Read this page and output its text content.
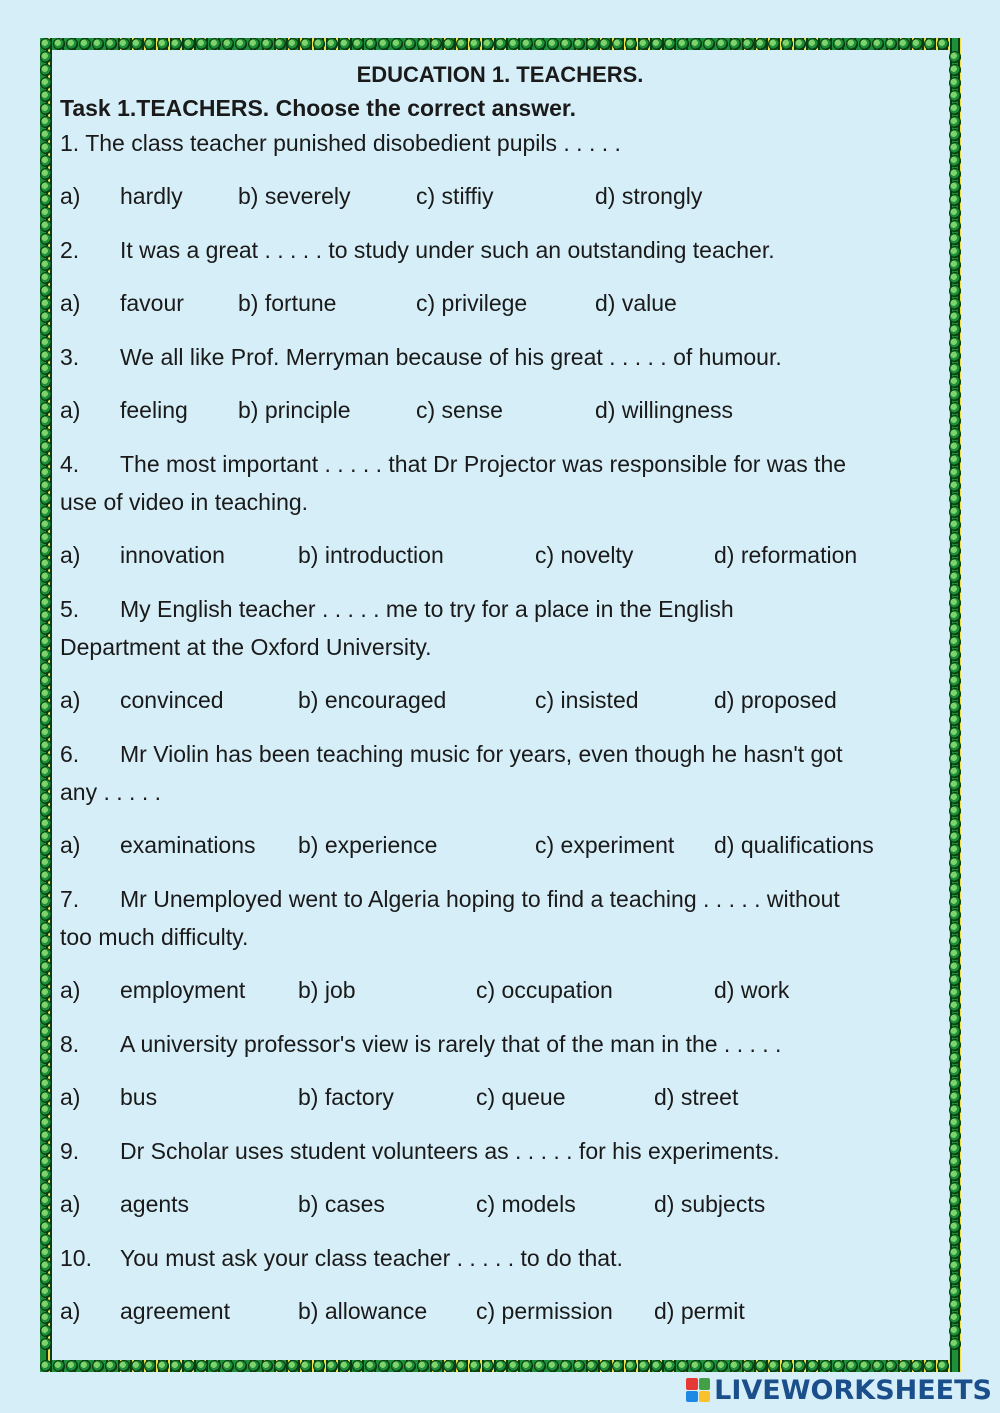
EDUCATION 1. TEACHERS.

Task 1.TEACHERS. Choose the correct answer.

1. The class teacher punished disobedient pupils . . . . .

a) hardly b) severely	c) stiffiy	d) strongly

2. It was a great . . . . . to study under such an outstanding teacher.

a) favour b) fortune	c) privilege	d) value

3. We all like Prof. Merryman because of his great . . . . . of humour.

a) feeling b) principle	c) sense	d) willingness

4. The most important . . . . . that Dr Projector was responsible for was the

use of video in teaching.

a) innovation	b) introduction	c) novelty	d) reformation

5. My English teacher . . . . . me to try for a place in the English

Department at the Oxford University.

a) convinced	b) encouraged	c) insisted	d) proposed

6. Mr Violin has been teaching music for years, even though he hasn't got

any . . . . .

a) examinations b) experience	c) experiment d) qualifications

7. Mr Unemployed went to Algeria hoping to find a teaching . . . . . without

too much difficulty.

a) employment b) job	c) occupation	d) work

8. A university professor's view is rarely that of the man in the . . . . .

a) bus	b) factory	c) queue	d) street

9. Dr Scholar uses student volunteers as . . . . . for his experiments.

a) agents	b) cases	c) models	d) subjects

10. You must ask your class teacher . . . . . to do that.

a) agreement	b) allowance c) permission d) permit
LIVEWORKSHEETS
